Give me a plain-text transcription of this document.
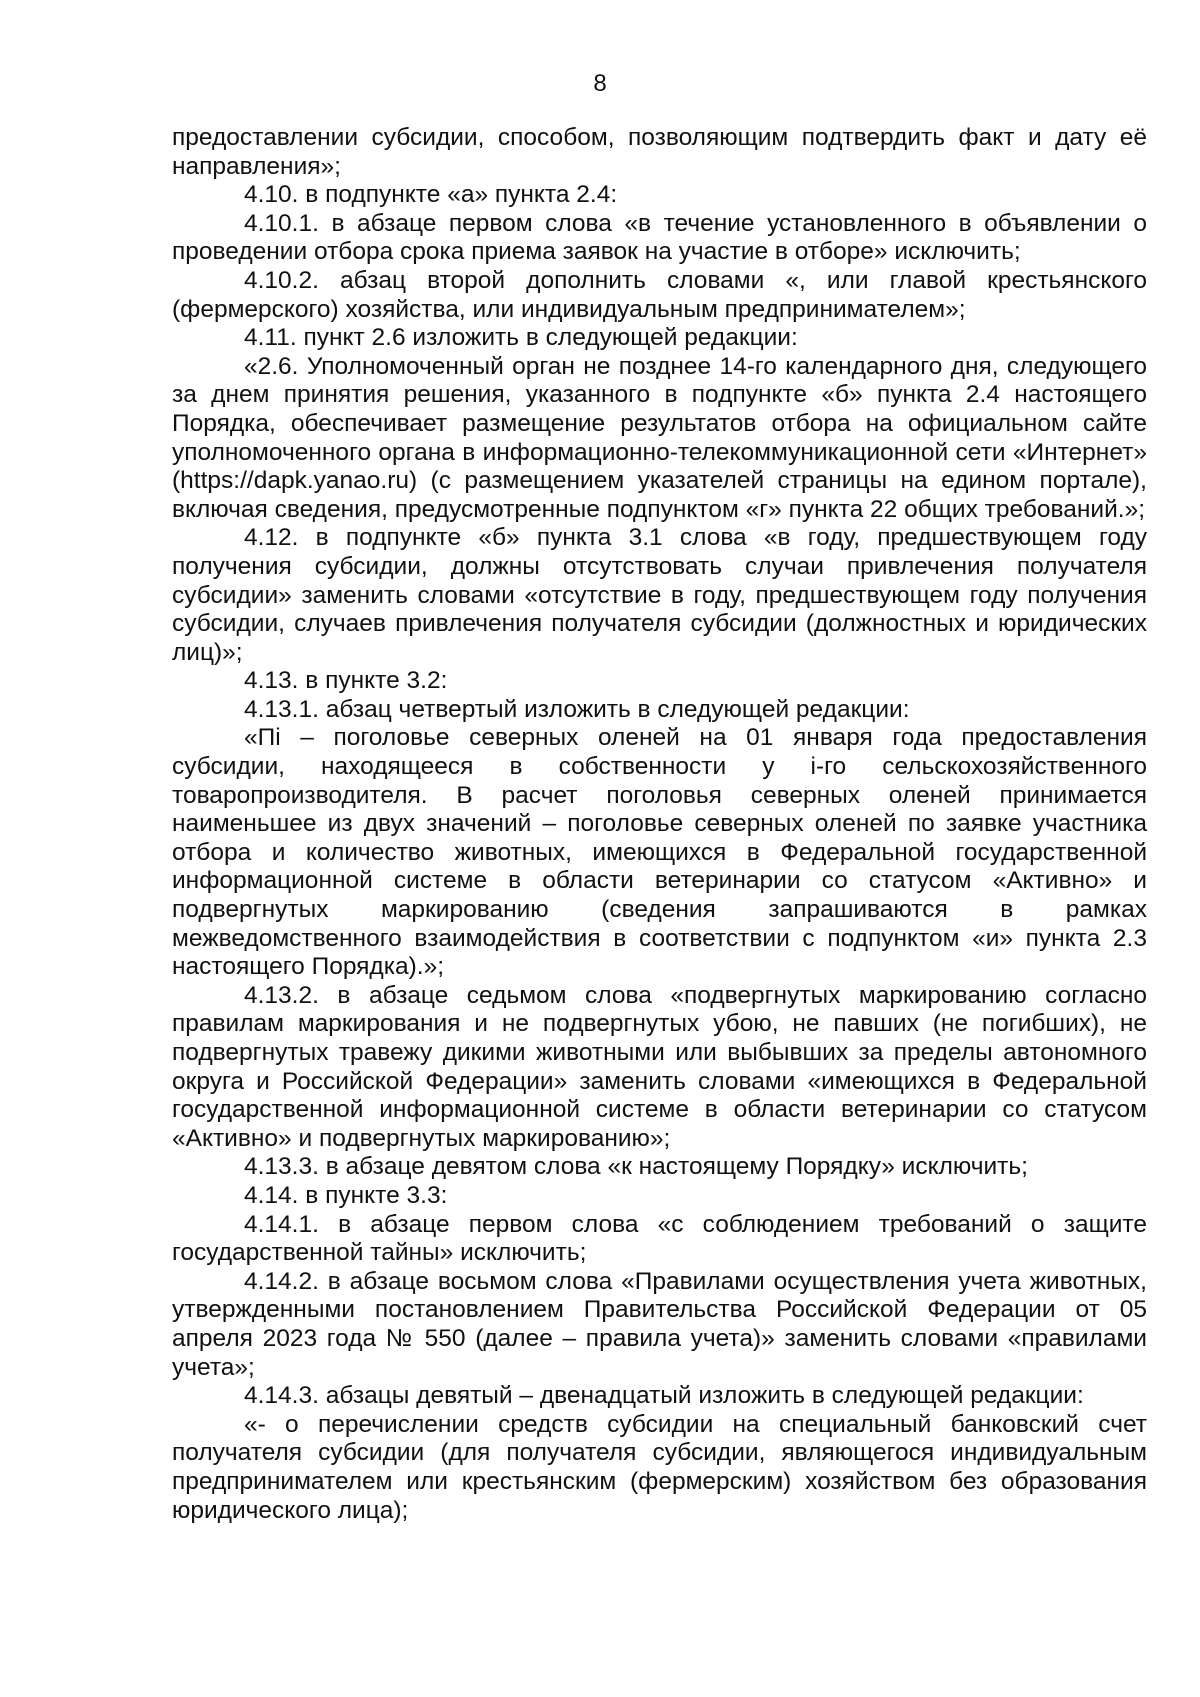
8

предоставлении субсидии, способом, позволяющим подтвердить факт и дату её направления»;

4.10. в подпункте «а» пункта 2.4:

4.10.1. в абзаце первом слова «в течение установленного в объявлении о проведении отбора срока приема заявок на участие в отборе» исключить;

4.10.2. абзац второй дополнить словами «, или главой крестьянского (фермерского) хозяйства, или индивидуальным предпринимателем»;

4.11. пункт 2.6 изложить в следующей редакции:

«2.6. Уполномоченный орган не позднее 14-го календарного дня, следующего за днем принятия решения, указанного в подпункте «б» пункта 2.4 настоящего Порядка, обеспечивает размещение результатов отбора на официальном сайте уполномоченного органа в информационно-телекоммуникационной сети «Интернет» (https://dapk.yanao.ru) (с размещением указателей страницы на едином портале), включая сведения, предусмотренные подпунктом «г» пункта 22 общих требований.»;

4.12. в подпункте «б» пункта 3.1 слова «в году, предшествующем году получения субсидии, должны отсутствовать случаи привлечения получателя субсидии» заменить словами «отсутствие в году, предшествующем году получения субсидии, случаев привлечения получателя субсидии (должностных и юридических лиц)»;

4.13. в пункте 3.2:

4.13.1. абзац четвертый изложить в следующей редакции:

«Пi – поголовье северных оленей на 01 января года предоставления субсидии, находящееся в собственности у i-го сельскохозяйственного товаропроизводителя. В расчет поголовья северных оленей принимается наименьшее из двух значений – поголовье северных оленей по заявке участника отбора и количество животных, имеющихся в Федеральной государственной информационной системе в области ветеринарии со статусом «Активно» и подвергнутых маркированию (сведения запрашиваются в рамках межведомственного взаимодействия в соответствии с подпунктом «и» пункта 2.3 настоящего Порядка).»;

4.13.2. в абзаце седьмом слова «подвергнутых маркированию согласно правилам маркирования и не подвергнутых убою, не павших (не погибших), не подвергнутых травежу дикими животными или выбывших за пределы автономного округа и Российской Федерации» заменить словами «имеющихся в Федеральной государственной информационной системе в области ветеринарии со статусом «Активно» и подвергнутых маркированию»;

4.13.3. в абзаце девятом слова «к настоящему Порядку» исключить;

4.14. в пункте 3.3:

4.14.1. в абзаце первом слова «с соблюдением требований о защите государственной тайны» исключить;

4.14.2. в абзаце восьмом слова «Правилами осуществления учета животных, утвержденными постановлением Правительства Российской Федерации от 05 апреля 2023 года № 550 (далее – правила учета)» заменить словами «правилами учета»;

4.14.3. абзацы девятый – двенадцатый изложить в следующей редакции:

«- о перечислении средств субсидии на специальный банковский счет получателя субсидии (для получателя субсидии, являющегося индивидуальным предпринимателем или крестьянским (фермерским) хозяйством без образования юридического лица);
